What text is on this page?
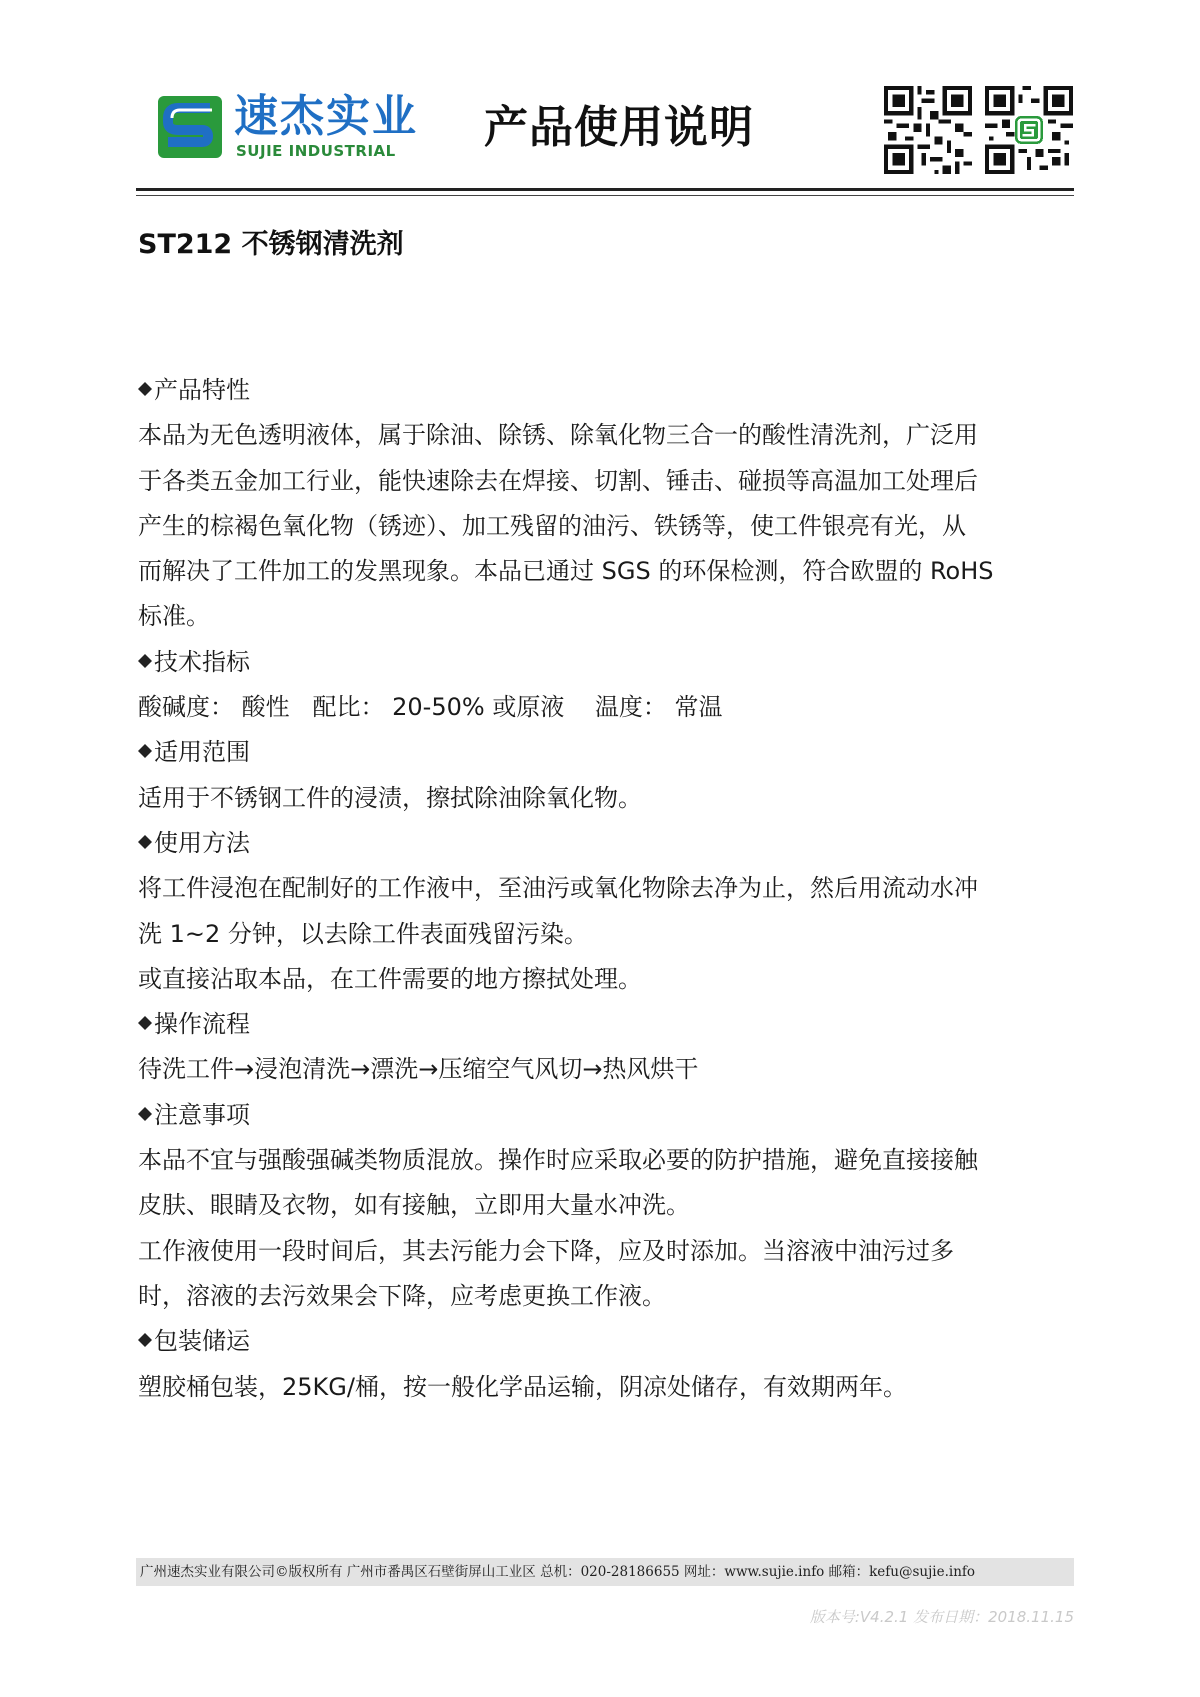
速杰实业
SUJIE INDUSTRIAL 产品使用说明
ST212 不锈钢清洗剂

产品特性

本品为无色透明液体，属于除油、除锈、除氧化物三合一的酸性清洗剂，广泛用

于各类五金加工行业，能快速除去在焊接、切割、锤击、碰损等高温加工处理后

产生的棕褐色氧化物（锈迹）、加工残留的油污、铁锈等，使工件银亮有光，从

而解决了工件加工的发黑现象。本品已通过 SGS 的环保检测，符合欧盟的 RoHS

标准。

技术指标

酸碱度： 酸性   配比： 20-50% 或原液    温度： 常温

适用范围

适用于不锈钢工件的浸渍，擦拭除油除氧化物。

使用方法

将工件浸泡在配制好的工作液中，至油污或氧化物除去净为止，然后用流动水冲

洗 1~2 分钟，以去除工件表面残留污染。

或直接沾取本品，在工件需要的地方擦拭处理。

操作流程

待洗工件→浸泡清洗→漂洗→压缩空气风切→热风烘干

注意事项

本品不宜与强酸强碱类物质混放。操作时应采取必要的防护措施，避免直接接触

皮肤、眼睛及衣物，如有接触，立即用大量水冲洗。

工作液使用一段时间后，其去污能力会下降，应及时添加。当溶液中油污过多

时，溶液的去污效果会下降，应考虑更换工作液。

包装储运

塑胶桶包装，25KG/桶，按一般化学品运输，阴凉处储存，有效期两年。

广州速杰实业有限公司©版权所有 广州市番禺区石壁街屏山工业区 总机：020-28186655 网址：www.sujie.info 邮箱：kefu@sujie.info
版本号:V4.2.1 发布日期：2018.11.15
